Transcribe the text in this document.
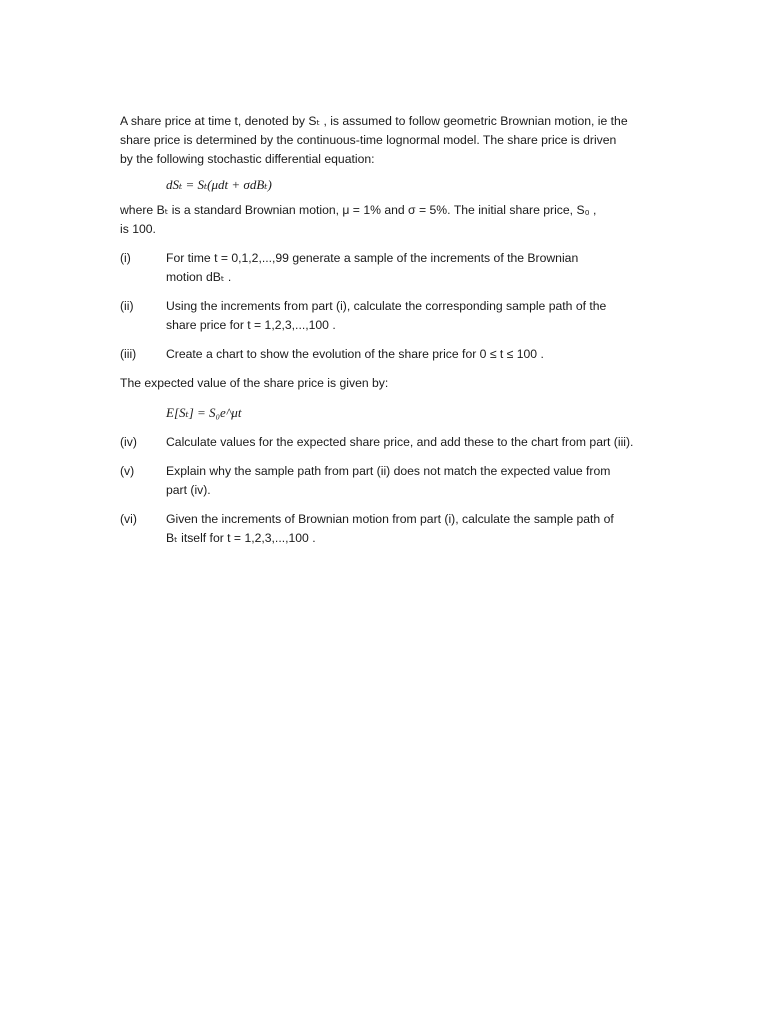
A share price at time t, denoted by Sₜ , is assumed to follow geometric Brownian motion, ie the
share price is determined by the continuous-time lognormal model. The share price is driven
by the following stochastic differential equation:

dSₜ = Sₜ(μdt + σdBₜ)

where Bₜ is a standard Brownian motion, μ = 1% and σ = 5%. The initial share price, S₀ ,
is 100.

(i)	For time t = 0,1,2,...,99 generate a sample of the increments of the Brownian
motion dBₜ .
(ii)	Using the increments from part (i), calculate the corresponding sample path of the
share price for t = 1,2,3,...,100 .
(iii)	Create a chart to show the evolution of the share price for 0 ≤ t ≤ 100 .

The expected value of the share price is given by:

E[Sₜ] = S₀e^μt
(iv)	Calculate values for the expected share price, and add these to the chart from part (iii).
(v)	Explain why the sample path from part (ii) does not match the expected value from
part (iv).
(vi)	Given the increments of Brownian motion from part (i), calculate the sample path of
Bₜ itself for t = 1,2,3,...,100 .
